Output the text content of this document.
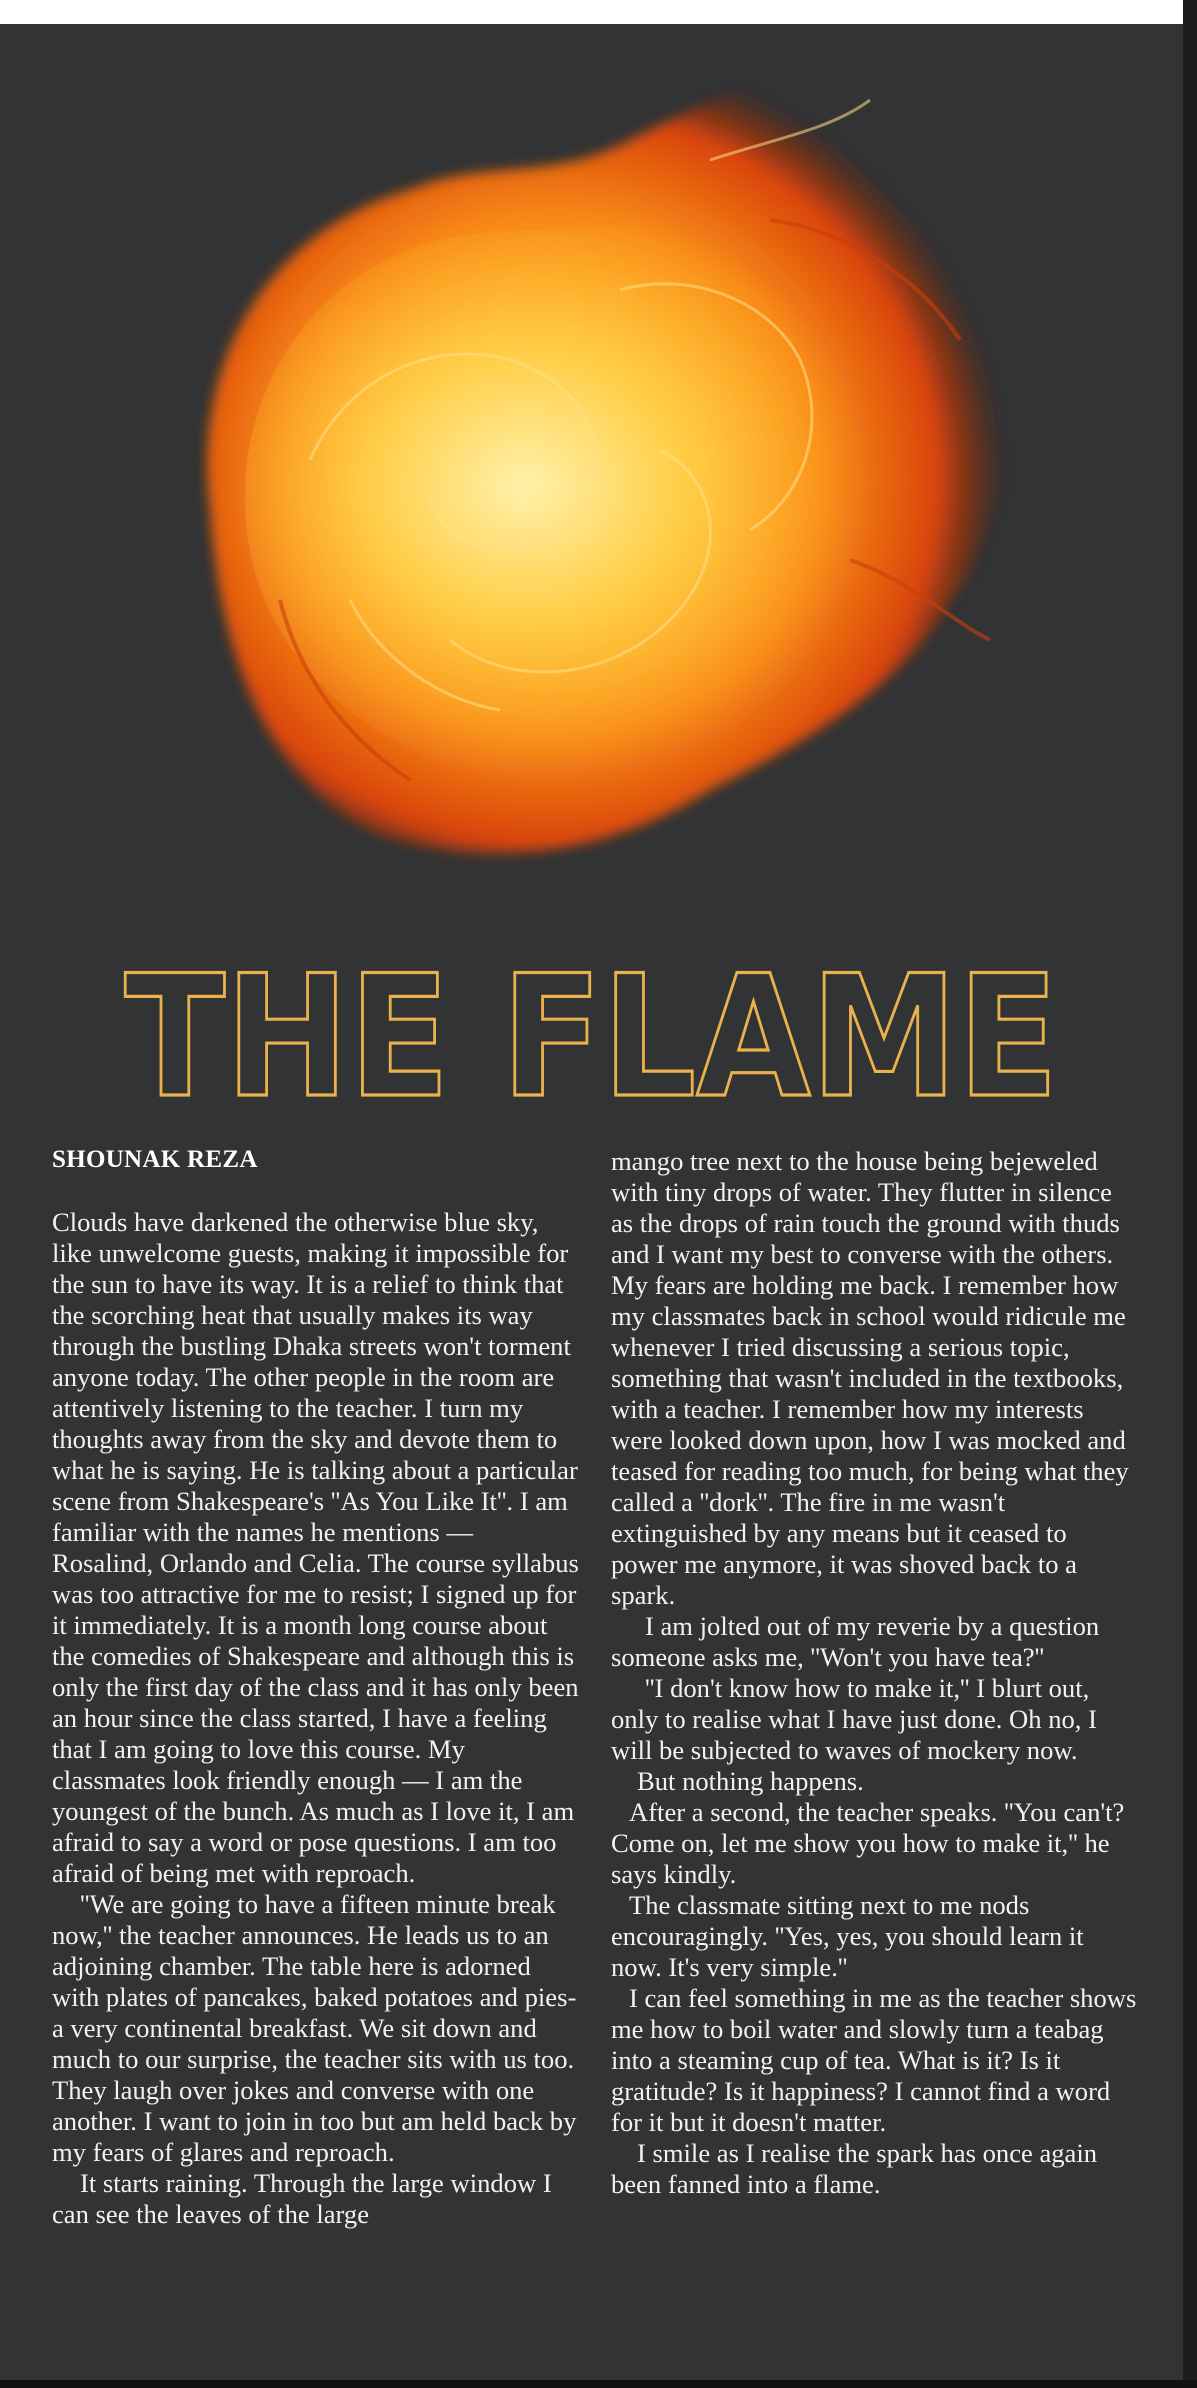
THE FLAME

SHOUNAK REZA

Clouds have darkened the otherwise blue sky, like unwelcome guests, making it impossible for the sun to have its way. It is a relief to think that the scorching heat that usually makes its way through the bustling Dhaka streets won't torment anyone today. The other people in the room are attentively listening to the teacher. I turn my thoughts away from the sky and devote them to what he is saying. He is talking about a particular scene from Shakespeare's ''As You Like It''. I am familiar with the names he mentions — Rosalind, Orlando and Celia. The course syllabus was too attractive for me to resist; I signed up for it immediately. It is a month long course about the comedies of Shakespeare and although this is only the first day of the class and it has only been an hour since the class started, I have a feeling that I am going to love this course. My classmates look friendly enough — I am the youngest of the bunch. As much as I love it, I am afraid to say a word or pose questions. I am too afraid of being met with reproach.

''We are going to have a fifteen minute break now,'' the teacher announces. He leads us to an adjoining chamber. The table here is adorned with plates of pancakes, baked potatoes and pies- a very continental breakfast. We sit down and much to our surprise, the teacher sits with us too. They laugh over jokes and converse with one another. I want to join in too but am held back by my fears of glares and reproach.

It starts raining. Through the large window I can see the leaves of the large

mango tree next to the house being bejeweled with tiny drops of water. They flutter in silence as the drops of rain touch the ground with thuds and I want my best to converse with the others. My fears are holding me back. I remember how my classmates back in school would ridicule me whenever I tried discussing a serious topic, something that wasn't included in the textbooks, with a teacher. I remember how my interests were looked down upon, how I was mocked and teased for reading too much, for being what they called a ''dork''. The fire in me wasn't extinguished by any means but it ceased to power me anymore, it was shoved back to a spark.

I am jolted out of my reverie by a question someone asks me, ''Won't you have tea?''

''I don't know how to make it,'' I blurt out, only to realise what I have just done. Oh no, I will be subjected to waves of mockery now.

But nothing happens.

After a second, the teacher speaks. ''You can't? Come on, let me show you how to make it,'' he says kindly.

The classmate sitting next to me nods encouragingly. ''Yes, yes, you should learn it now. It's very simple.''

I can feel something in me as the teacher shows me how to boil water and slowly turn a teabag into a steaming cup of tea. What is it? Is it gratitude? Is it happiness? I cannot find a word for it but it doesn't matter.

I smile as I realise the spark has once again been fanned into a flame.
